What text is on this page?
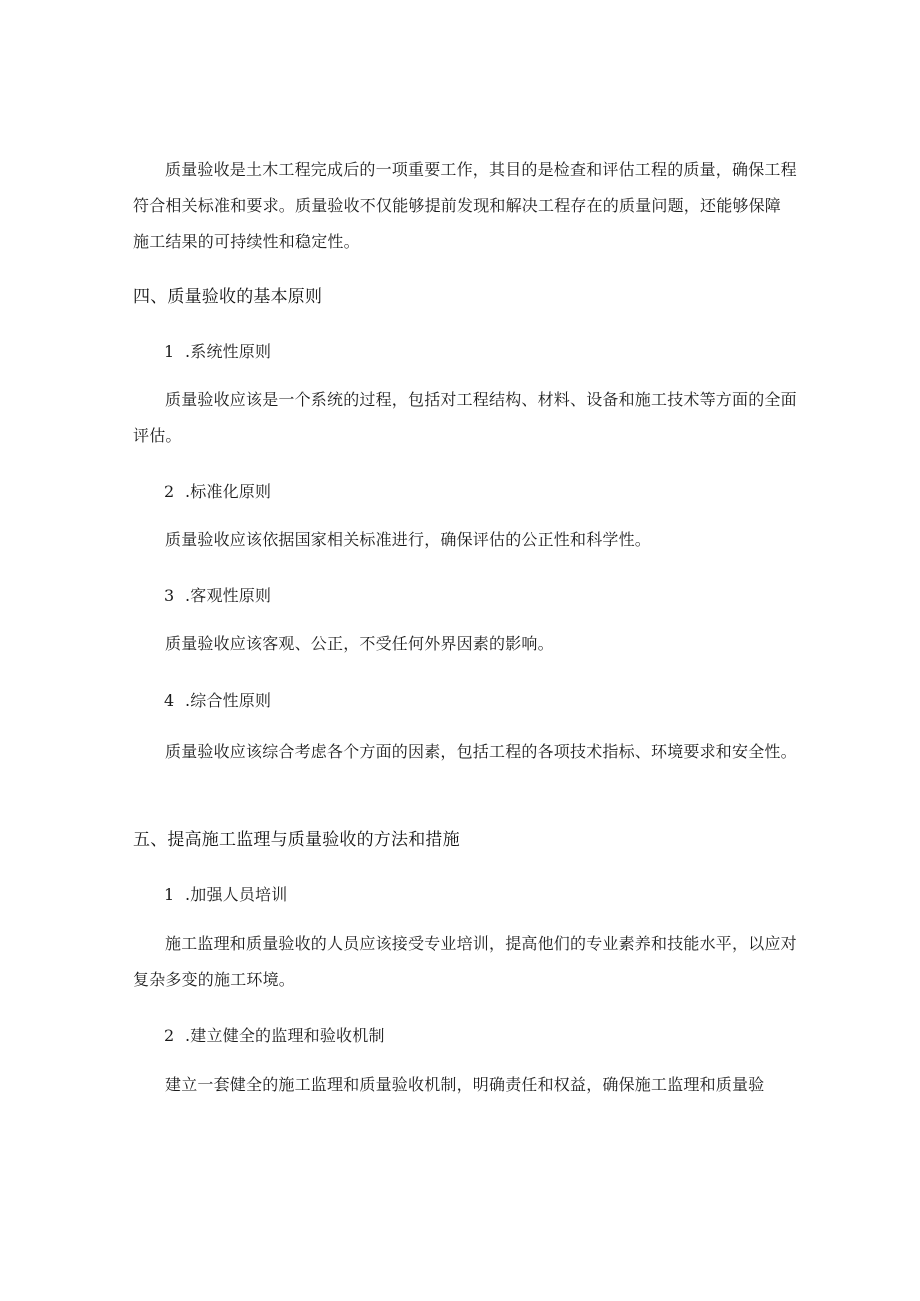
质量验收是土木工程完成后的一项重要工作，其目的是检查和评估工程的质量，确保工程符合相关标准和要求。质量验收不仅能够提前发现和解决工程存在的质量问题，还能够保障施工结果的可持续性和稳定性。

四、质量验收的基本原则
1  .系统性原则

质量验收应该是一个系统的过程，包括对工程结构、材料、设备和施工技术等方面的全面评估。

2  .标准化原则

质量验收应该依据国家相关标准进行，确保评估的公正性和科学性。

3  .客观性原则

质量验收应该客观、公正，不受任何外界因素的影响。

4  .综合性原则

质量验收应该综合考虑各个方面的因素，包括工程的各项技术指标、环境要求和安全性。

五、提高施工监理与质量验收的方法和措施
1  .加强人员培训

施工监理和质量验收的人员应该接受专业培训，提高他们的专业素养和技能水平，以应对复杂多变的施工环境。

2  .建立健全的监理和验收机制

建立一套健全的施工监理和质量验收机制，明确责任和权益，确保施工监理和质量验
